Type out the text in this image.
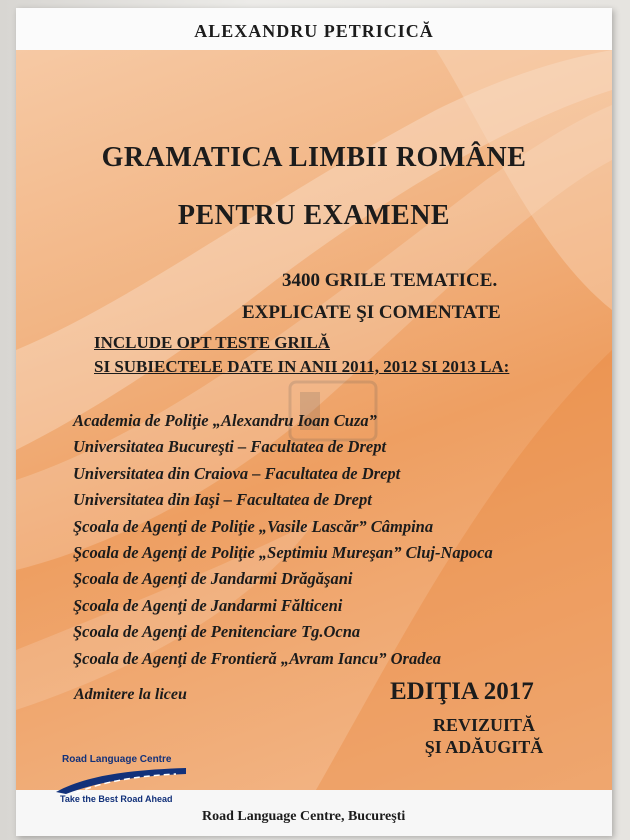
ALEXANDRU PETRICICĂ
GRAMATICA LIMBII ROMÂNE
PENTRU EXAMENE
3400 GRILE TEMATICE.
EXPLICATE ŞI COMENTATE
INCLUDE OPT TESTE GRILĂ
SI SUBIECTELE DATE IN ANII 2011, 2012 SI 2013 LA:
Academia de Poliţie „Alexandru Ioan Cuza”
Universitatea Bucureşti – Facultatea de Drept
Universitatea din Craiova – Facultatea de Drept
Universitatea din Iaşi – Facultatea de Drept
Şcoala de Agenţi de Poliţie „Vasile Lascăr” Câmpina
Şcoala de Agenţi de Poliţie „Septimiu Mureşan” Cluj-Napoca
Şcoala de Agenţi de Jandarmi Drăgăşani
Şcoala de Agenţi de Jandarmi Fălticeni
Şcoala de Agenţi de Penitenciare Tg.Ocna
Şcoala de Agenţi de Frontieră „Avram Iancu” Oradea
Admitere la liceu	EDIŢIA 2017
REVIZUITĂ
ŞI ADĂUGITĂ
Road Language Centre
Take the Best Road Ahead
Road Language Centre, Bucureşti
